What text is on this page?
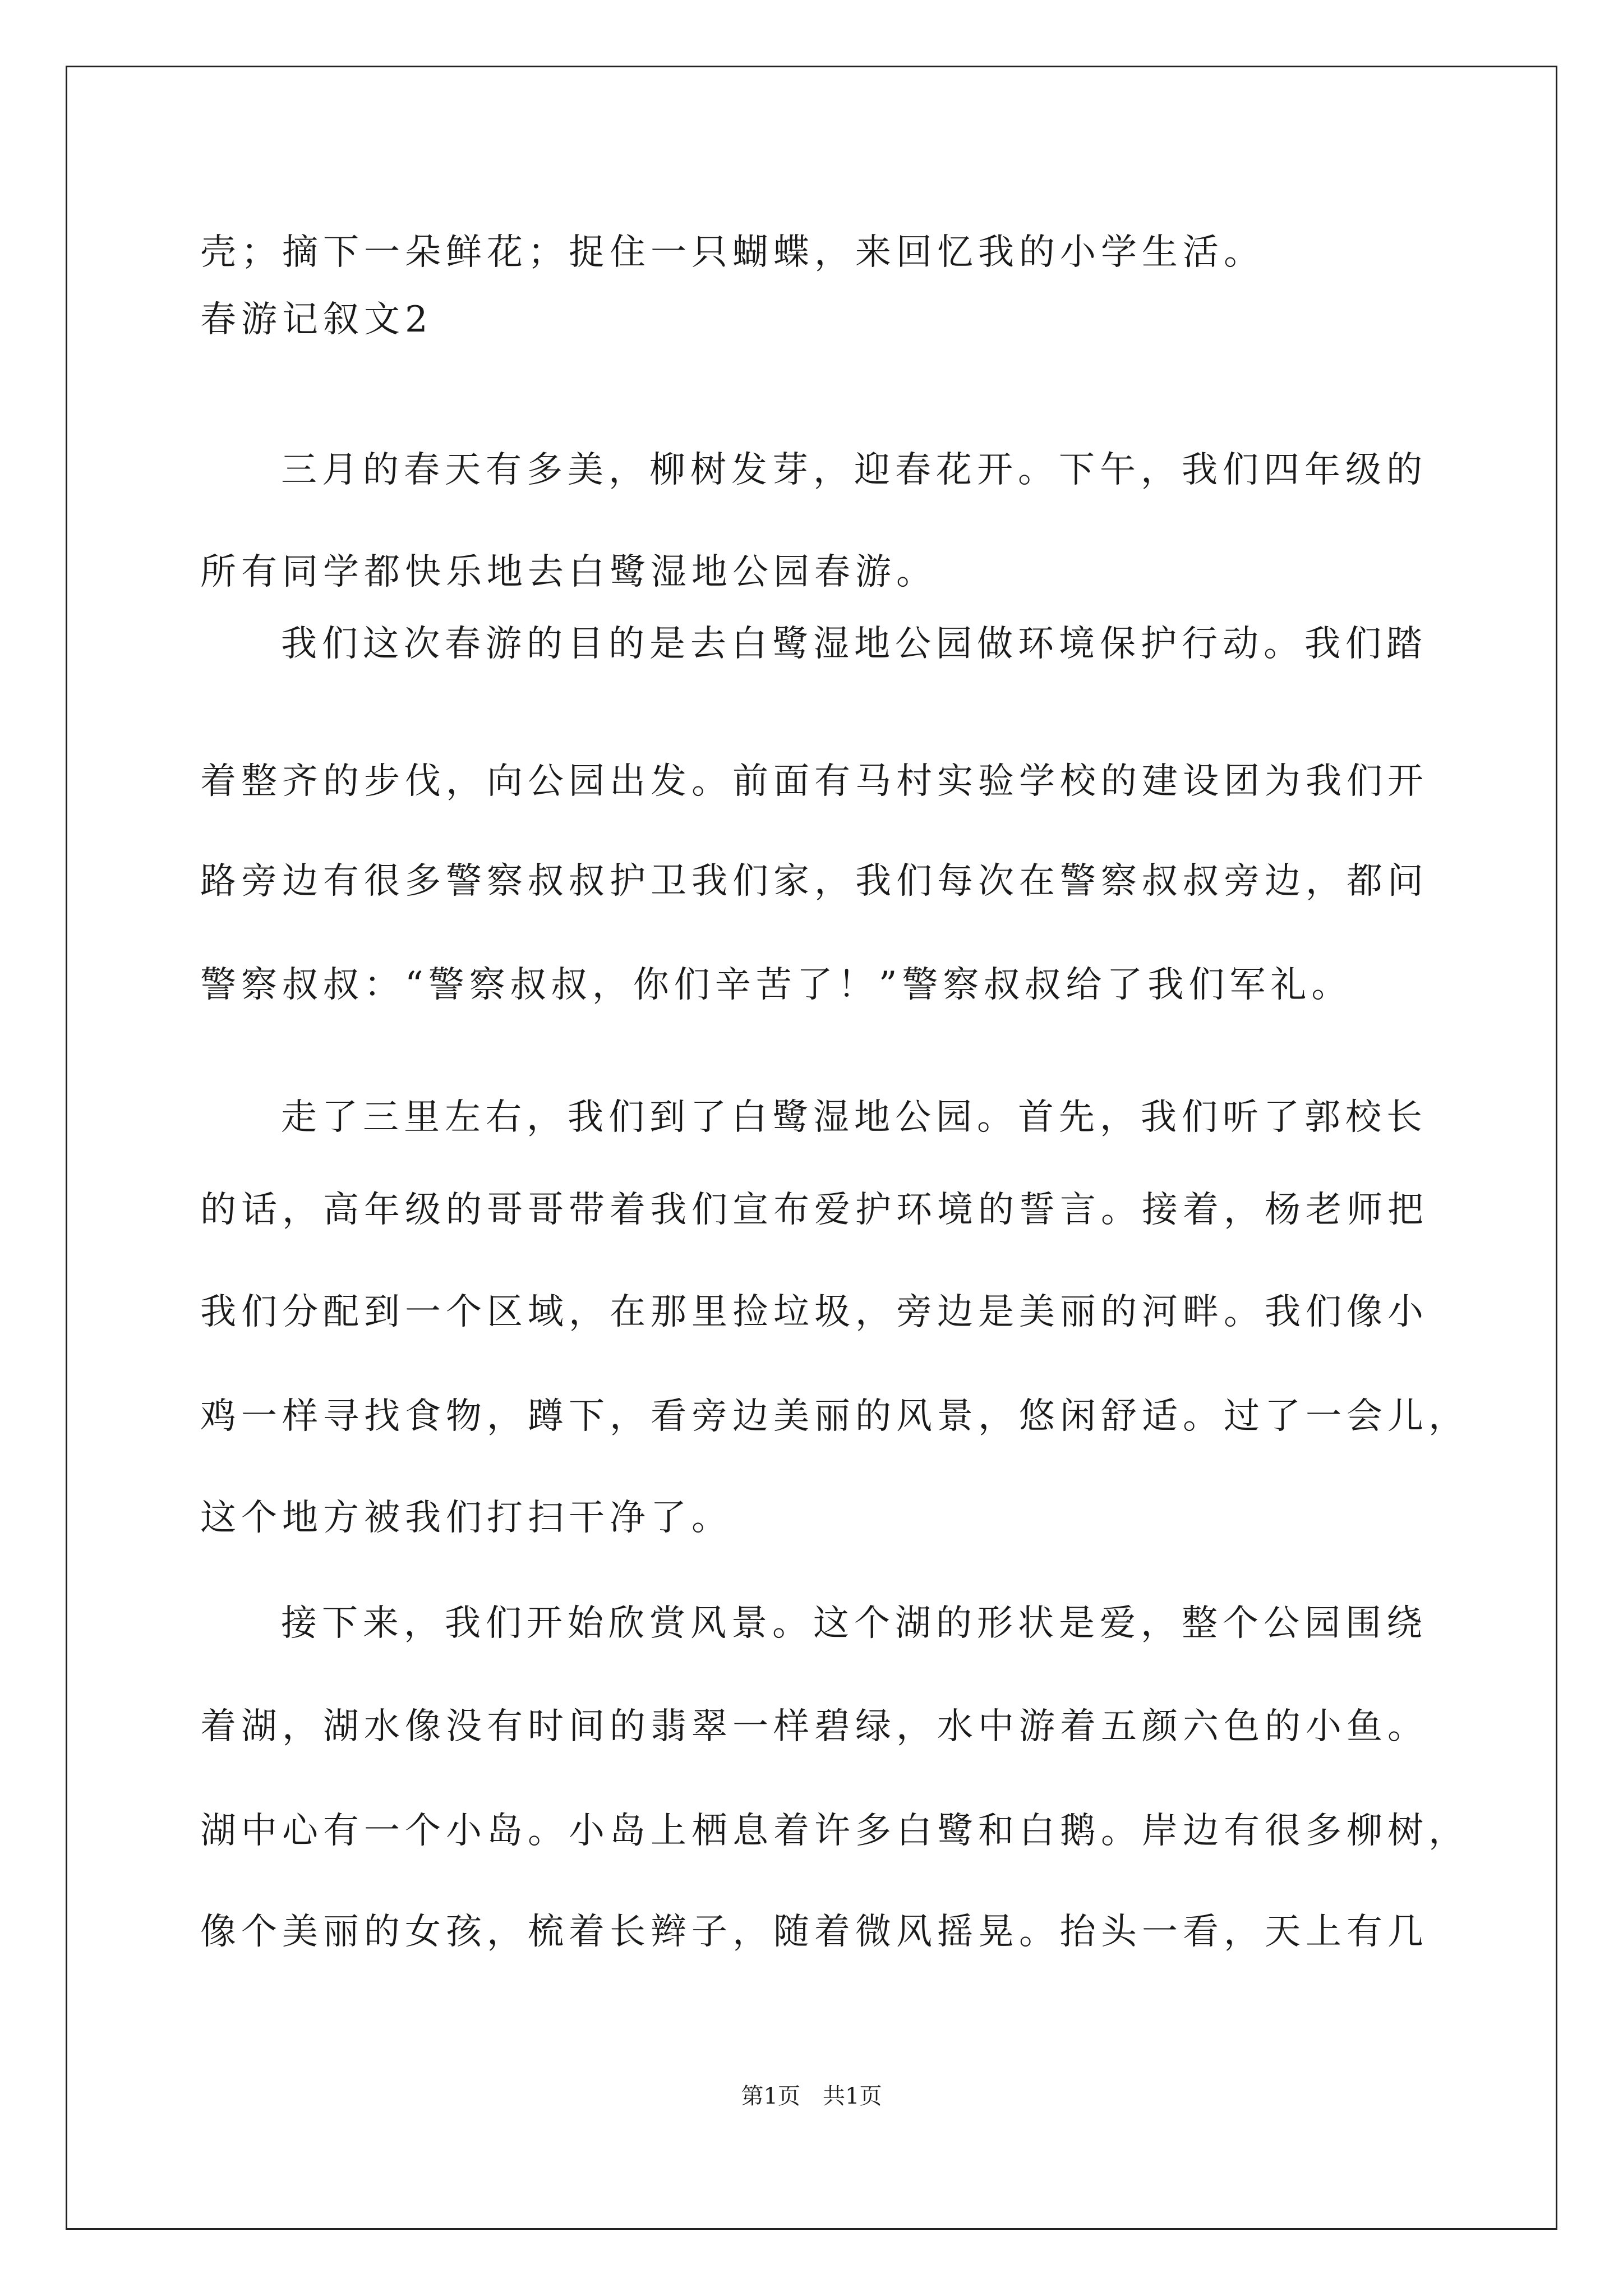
壳；摘下一朵鲜花；捉住一只蝴蝶，来回忆我的小学生活。
春游记叙文2
三月的春天有多美，柳树发芽，迎春花开。下午，我们四年级的
所有同学都快乐地去白鹭湿地公园春游。
我们这次春游的目的是去白鹭湿地公园做环境保护行动。我们踏
着整齐的步伐，向公园出发。前面有马村实验学校的建设团为我们开
路旁边有很多警察叔叔护卫我们家，我们每次在警察叔叔旁边，都问
警察叔叔：“警察叔叔，你们辛苦了！”警察叔叔给了我们军礼。
走了三里左右，我们到了白鹭湿地公园。首先，我们听了郭校长
的话，高年级的哥哥带着我们宣布爱护环境的誓言。接着，杨老师把
我们分配到一个区域，在那里捡垃圾，旁边是美丽的河畔。我们像小
鸡一样寻找食物，蹲下，看旁边美丽的风景，悠闲舒适。过了一会儿，
这个地方被我们打扫干净了。
接下来，我们开始欣赏风景。这个湖的形状是爱，整个公园围绕
着湖，湖水像没有时间的翡翠一样碧绿，水中游着五颜六色的小鱼。
湖中心有一个小岛。小岛上栖息着许多白鹭和白鹅。岸边有很多柳树，
像个美丽的女孩，梳着长辫子，随着微风摇晃。抬头一看，天上有几
第1页　共1页
